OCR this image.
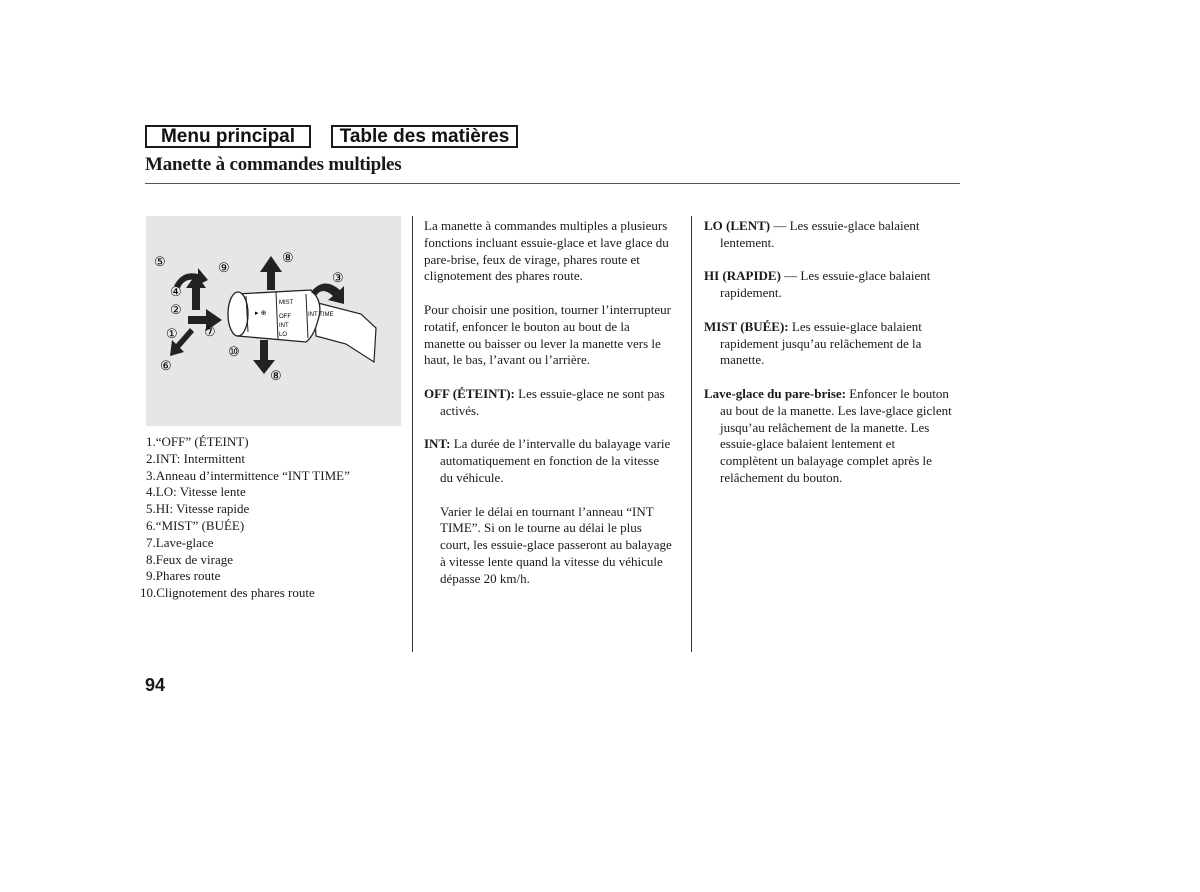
Menu principal	Table des matières
Manette à commandes multiples
▸ ⊕
MIST
OFF
INT
LO
INT TIME
⑤
④
②
①
⑥
⑨
⑦
⑩
⑧
⑧
③
1.“OFF” (ÉTEINT)
2.INT: Intermittent
3.Anneau d’intermittence “INT TIME”
4.LO: Vitesse lente
5.HI: Vitesse rapide
6.“MIST” (BUÉE)
7.Lave-glace
8.Feux de virage
9.Phares route
10.Clignotement des phares route

La manette à commandes multiples a plusieurs fonctions incluant essuie-glace et lave glace du pare-brise, feux de virage, phares route et clignotement des phares route.

Pour choisir une position, tourner l’interrupteur rotatif, enfoncer le bouton au bout de la manette ou baisser ou lever la manette vers le haut, le bas, l’avant ou l’arrière.

OFF (ÉTEINT): Les essuie-glace ne sont pas activés.

INT: La durée de l’intervalle du balayage varie automatiquement en fonction de la vitesse du véhicule.

Varier le délai en tournant l’anneau “INT TIME”. Si on le tourne au délai le plus court, les essuie-glace passeront au balayage à vitesse lente quand la vitesse du véhicule dépasse 20 km/h.

LO (LENT) — Les essuie-glace balaient lentement.

HI (RAPIDE) — Les essuie-glace balaient rapidement.

MIST (BUÉE): Les essuie-glace balaient rapidement jusqu’au relâchement de la manette.

Lave-glace du pare-brise: Enfoncer le bouton au bout de la manette. Les lave-glace giclent jusqu’au relâchement de la manette. Les essuie-glace balaient lentement et complètent un balayage complet après le relâchement du bouton.

94
